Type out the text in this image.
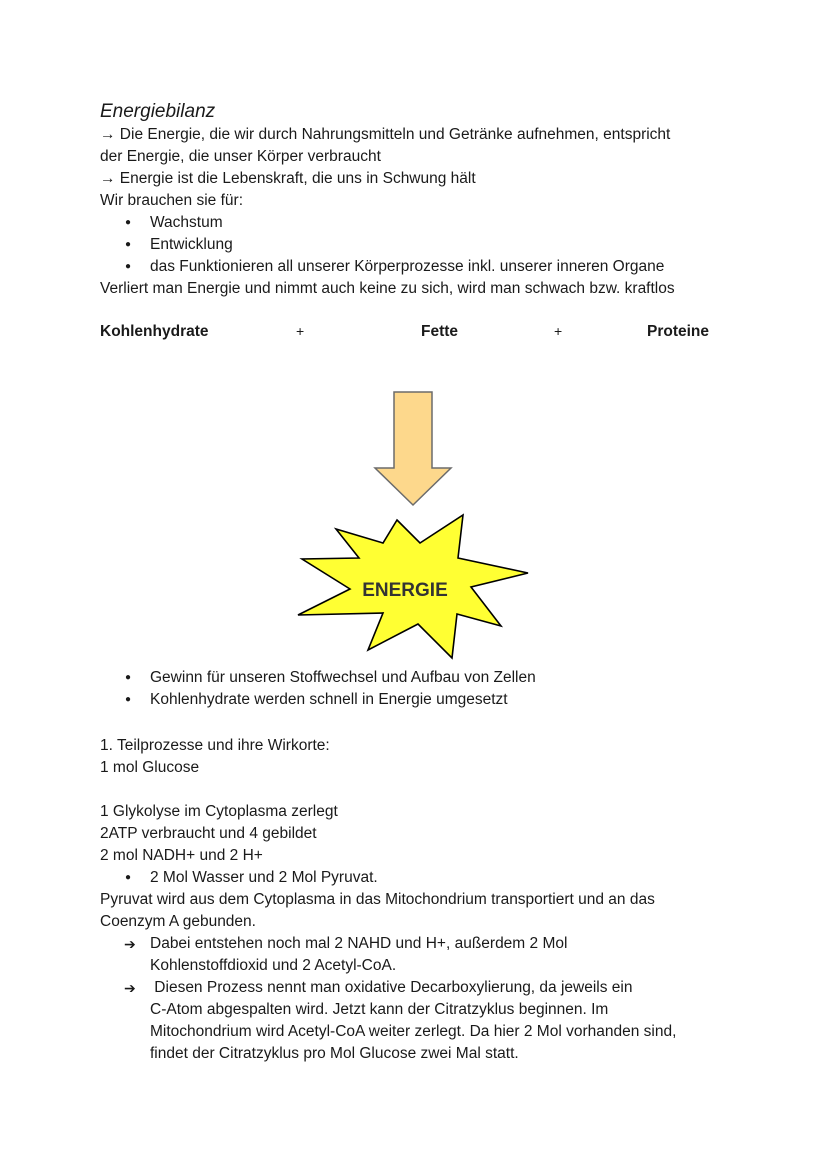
Energiebilanz

→ Die Energie, die wir durch Nahrungsmitteln und Getränke aufnehmen, entspricht

der Energie, die unser Körper verbraucht

→ Energie ist die Lebenskraft, die uns in Schwung hält

Wir brauchen sie für:

● Wachstum
● Entwicklung
● das Funktionieren all unserer Körperprozesse inkl. unserer inneren Organe

Verliert man Energie und nimmt auch keine zu sich, wird man schwach bzw. kraftlos

Kohlenhydrate	+	Fette	+	Proteine
ENERGIE
● Gewinn für unseren Stoffwechsel und Aufbau von Zellen
● Kohlenhydrate werden schnell in Energie umgesetzt

1. Teilprozesse und ihre Wirkorte:

1 mol Glucose

1 Glykolyse im Cytoplasma zerlegt

2ATP verbraucht und 4 gebildet

2 mol NADH+ und 2 H+

● 2 Mol Wasser und 2 Mol Pyruvat.

Pyruvat wird aus dem Cytoplasma in das Mitochondrium transportiert und an das

Coenzym A gebunden.

➔ Dabei entstehen noch mal 2 NAHD und H+, außerdem 2 Mol
Kohlenstoffdioxid und 2 Acetyl-CoA.
➔ Diesen Prozess nennt man oxidative Decarboxylierung, da jeweils ein
C-Atom abgespalten wird. Jetzt kann der Citratzyklus beginnen. Im
Mitochondrium wird Acetyl-CoA weiter zerlegt. Da hier 2 Mol vorhanden sind,
findet der Citratzyklus pro Mol Glucose zwei Mal statt.
